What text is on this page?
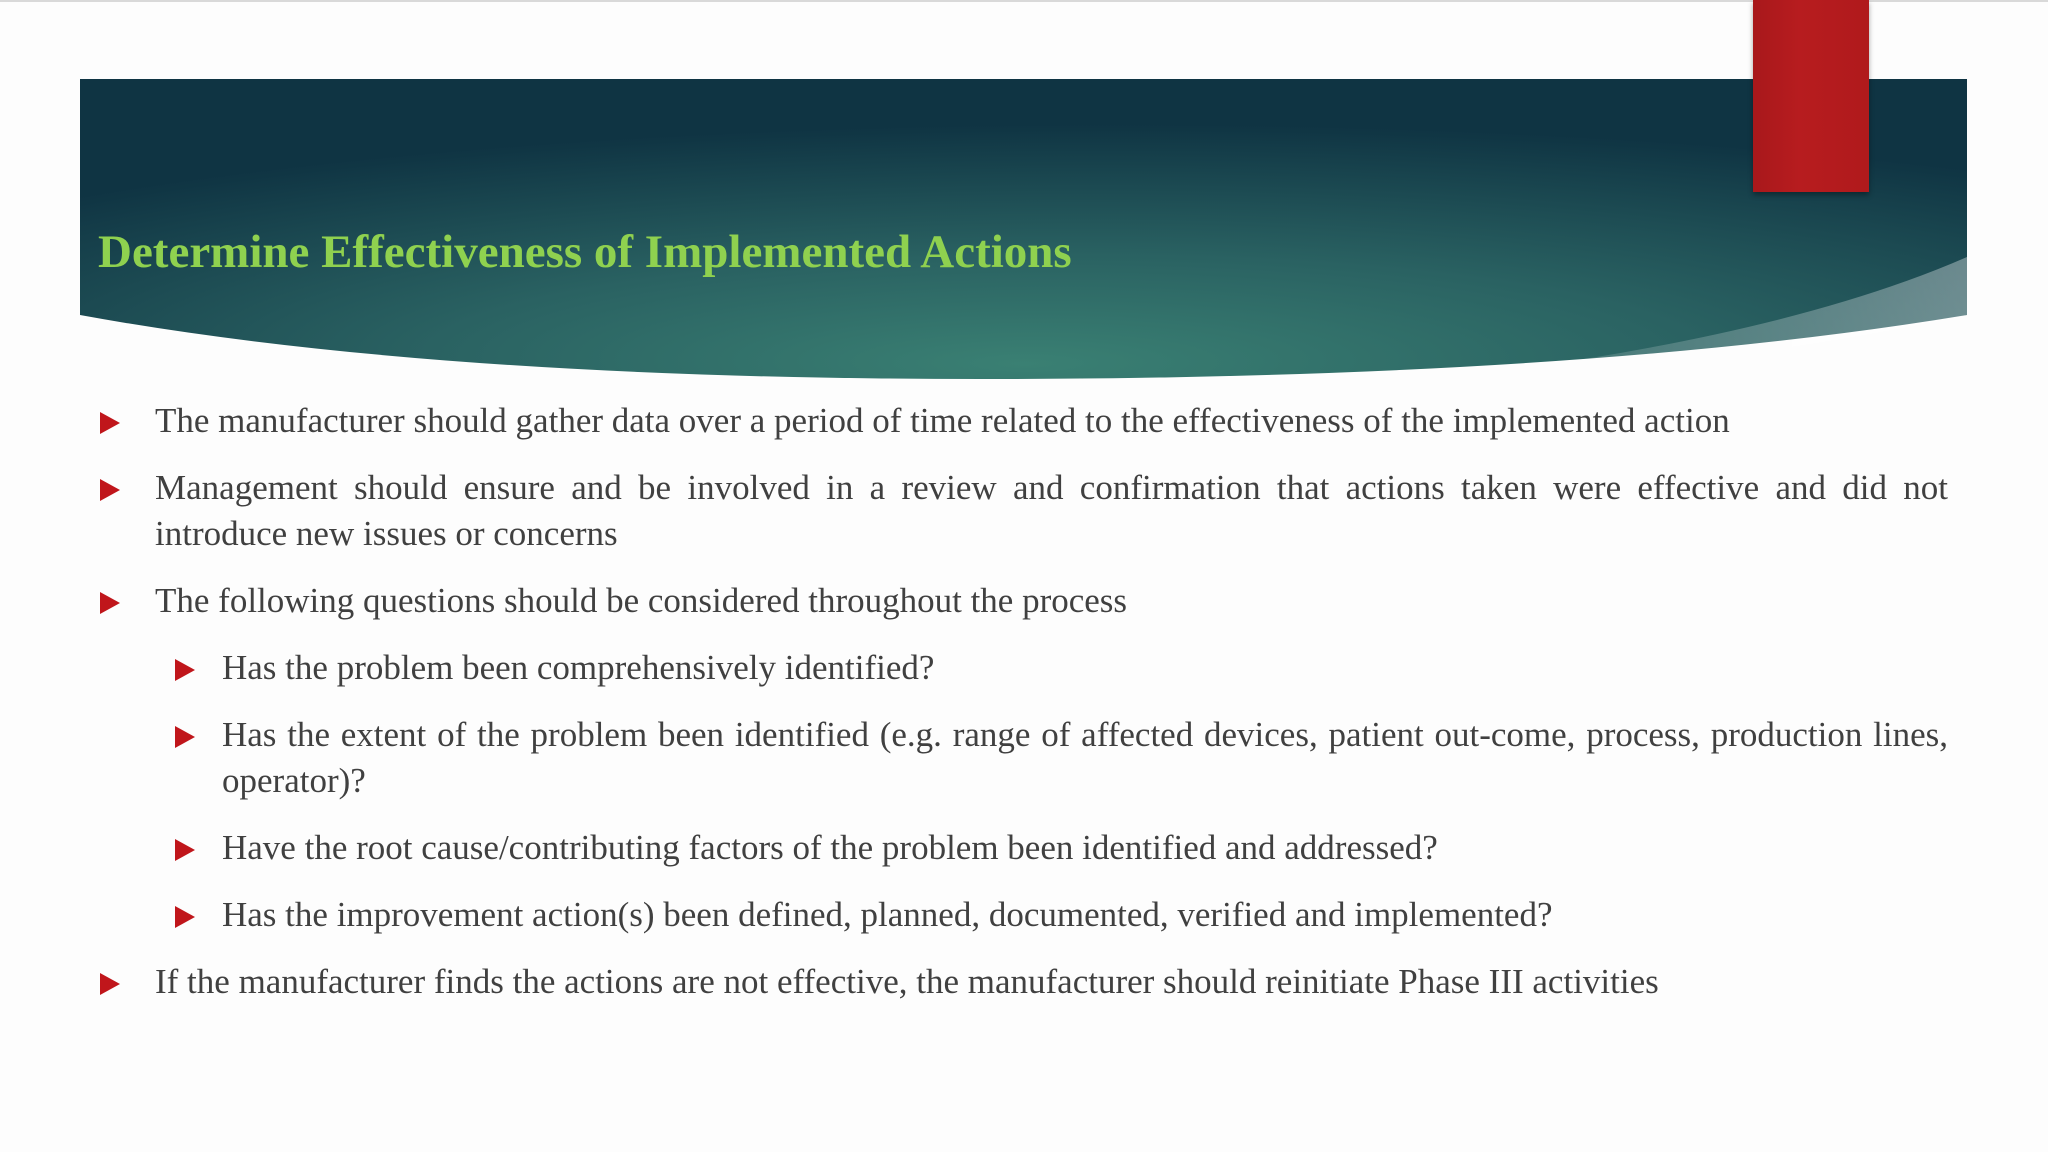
Determine Effectiveness of Implemented Actions
The manufacturer should gather data over a period of time related to the effectiveness of the implemented action
Management should ensure and be involved in a review and confirmation that actions taken were effective and did not introduce new issues or concerns
The following questions should be considered throughout the process
Has the problem been comprehensively identified?
Has the extent of the problem been identified (e.g. range of affected devices, patient out-come, process, production lines, operator)?
Have the root cause/contributing factors of the problem been identified and addressed?
Has the improvement action(s) been defined, planned, documented, verified and implemented?
If the manufacturer finds the actions are not effective, the manufacturer should reinitiate Phase III activities
